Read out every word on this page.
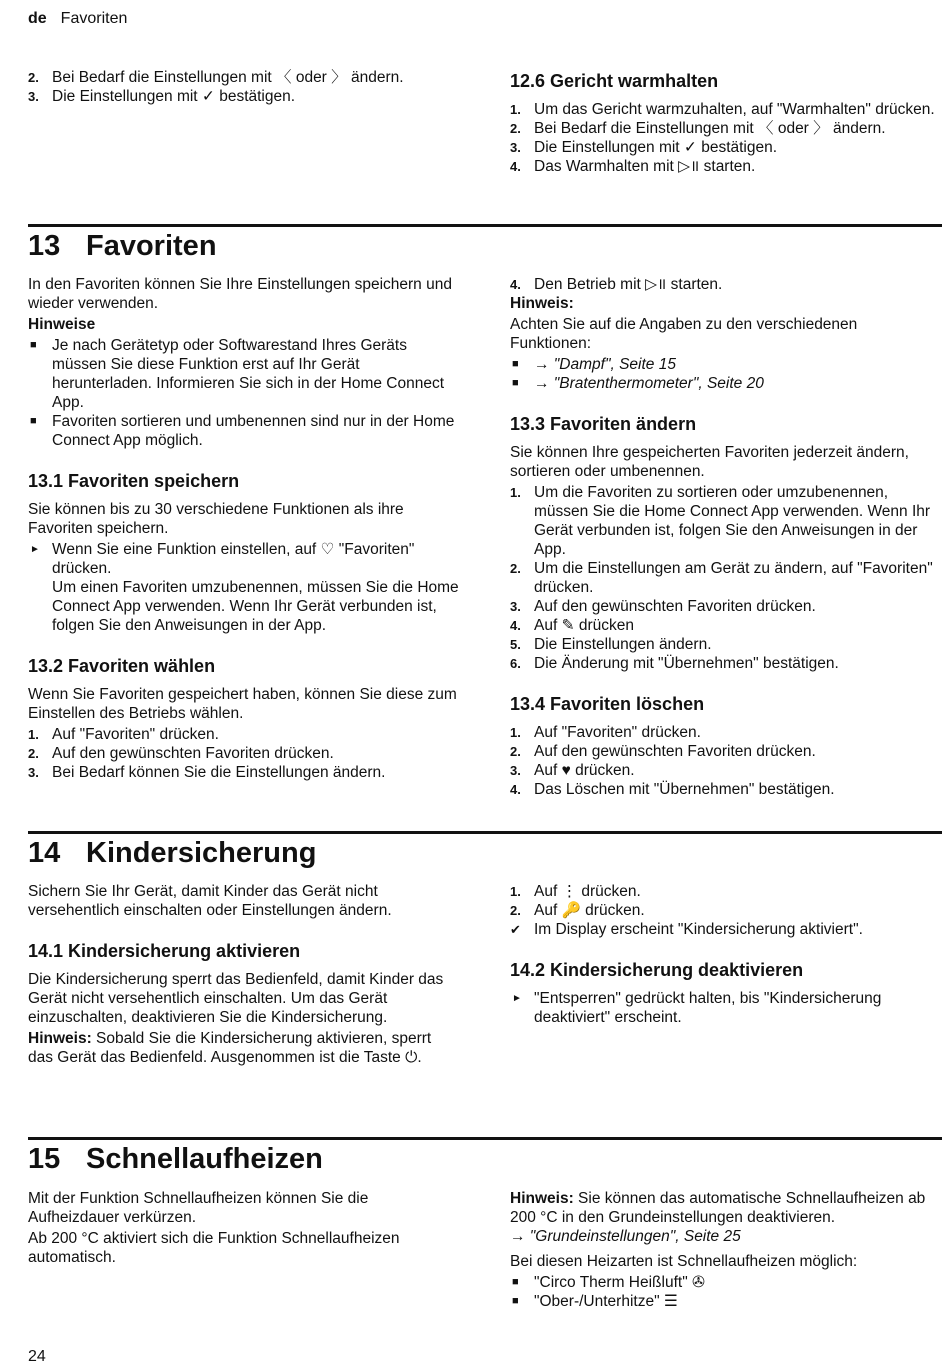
de Favoriten
2. Bei Bedarf die Einstellungen mit 〈 oder 〉 ändern.
3. Die Einstellungen mit ✓ bestätigen.
12.6 Gericht warmhalten
1. Um das Gericht warmzuhalten, auf "Warmhalten" drücken.
2. Bei Bedarf die Einstellungen mit 〈 oder 〉 ändern.
3. Die Einstellungen mit ✓ bestätigen.
4. Das Warmhalten mit ▷॥ starten.
13 Favoriten

In den Favoriten können Sie Ihre Einstellungen speichern und wieder verwenden.

Hinweise

■ Je nach Gerätetyp oder Softwarestand Ihres Geräts müssen Sie diese Funktion erst auf Ihr Gerät herunterladen. Informieren Sie sich in der Home Connect App.
■ Favoriten sortieren und umbenennen sind nur in der Home Connect App möglich.
13.1 Favoriten speichern

Sie können bis zu 30 verschiedene Funktionen als ihre Favoriten speichern.

► Wenn Sie eine Funktion einstellen, auf ♡ "Favoriten" drücken.
Um einen Favoriten umzubenennen, müssen Sie die Home Connect App verwenden. Wenn Ihr Gerät verbunden ist, folgen Sie den Anweisungen in der App.
13.2 Favoriten wählen

Wenn Sie Favoriten gespeichert haben, können Sie diese zum Einstellen des Betriebs wählen.

1. Auf "Favoriten" drücken.
2. Auf den gewünschten Favoriten drücken.
3. Bei Bedarf können Sie die Einstellungen ändern.
4. Den Betrieb mit ▷॥ starten.

Hinweis:

Achten Sie auf die Angaben zu den verschiedenen Funktionen:

■ → "Dampf", Seite 15
■ → "Bratenthermometer", Seite 20
13.3 Favoriten ändern

Sie können Ihre gespeicherten Favoriten jederzeit ändern, sortieren oder umbenennen.

1. Um die Favoriten zu sortieren oder umzubenennen, müssen Sie die Home Connect App verwenden. Wenn Ihr Gerät verbunden ist, folgen Sie den Anweisungen in der App.
2. Um die Einstellungen am Gerät zu ändern, auf "Favoriten" drücken.
3. Auf den gewünschten Favoriten drücken.
4. Auf ✎ drücken
5. Die Einstellungen ändern.
6. Die Änderung mit "Übernehmen" bestätigen.
13.4 Favoriten löschen
1. Auf "Favoriten" drücken.
2. Auf den gewünschten Favoriten drücken.
3. Auf ♥ drücken.
4. Das Löschen mit "Übernehmen" bestätigen.
14 Kindersicherung

Sichern Sie Ihr Gerät, damit Kinder das Gerät nicht versehentlich einschalten oder Einstellungen ändern.

14.1 Kindersicherung aktivieren

Die Kindersicherung sperrt das Bedienfeld, damit Kinder das Gerät nicht versehentlich einschalten. Um das Gerät einzuschalten, deaktivieren Sie die Kindersicherung.

Hinweis: Sobald Sie die Kindersicherung aktivieren, sperrt das Gerät das Bedienfeld. Ausgenommen ist die Taste ⏻.

1. Auf ⋮ drücken.
2. Auf 🔑 drücken.
✔ Im Display erscheint "Kindersicherung aktiviert".
14.2 Kindersicherung deaktivieren
► "Entsperren" gedrückt halten, bis "Kindersicherung deaktiviert" erscheint.
15 Schnellaufheizen

Mit der Funktion Schnellaufheizen können Sie die Aufheizdauer verkürzen.

Ab 200 °C aktiviert sich die Funktion Schnellaufheizen automatisch.

Hinweis: Sie können das automatische Schnellaufheizen ab 200 °C in den Grundeinstellungen deaktivieren.
→ "Grundeinstellungen", Seite 25

Bei diesen Heizarten ist Schnellaufheizen möglich:

■ "Circo Therm Heißluft" ✇
■ "Ober-/Unterhitze" ☰
24
